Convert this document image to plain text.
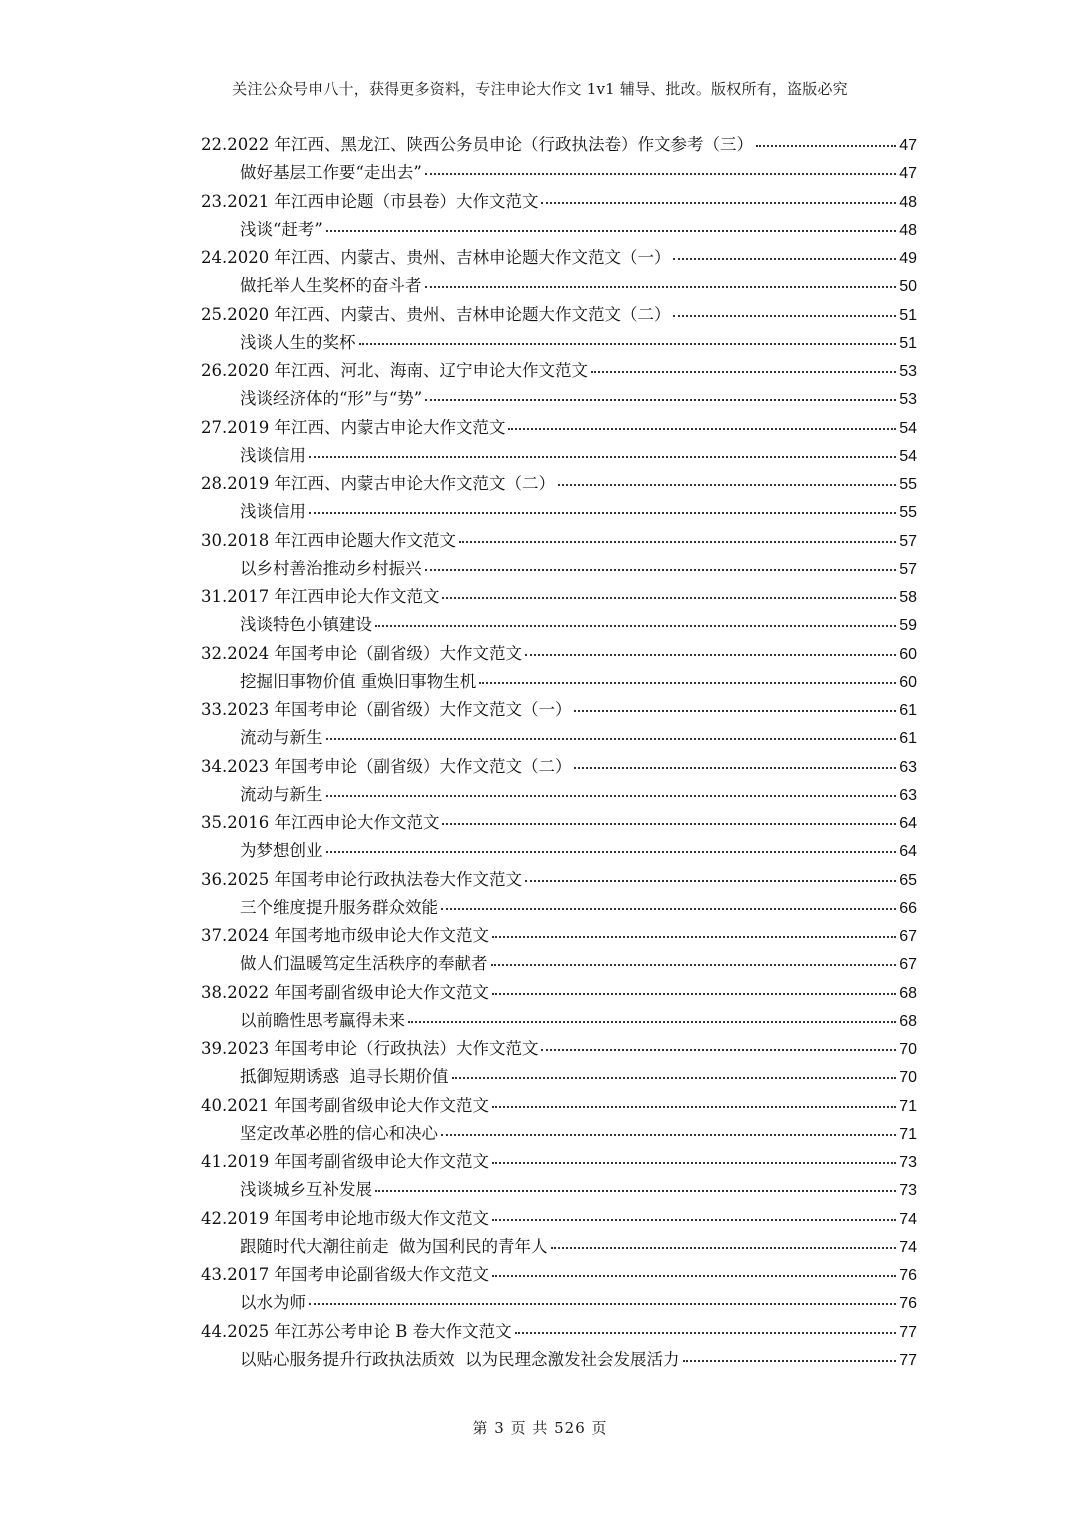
关注公众号申八十，获得更多资料，专注申论大作文 1v1 辅导、批改。版权所有，盗版必究
22.2022 年江西、黑龙江、陕西公务员申论（行政执法卷）作文参考（三）	47
做好基层工作要“走出去”	47
23.2021 年江西申论题（市县卷）大作文范文	48
浅谈“赶考”	48
24.2020 年江西、内蒙古、贵州、吉林申论题大作文范文（一）	49
做托举人生奖杯的奋斗者	50
25.2020 年江西、内蒙古、贵州、吉林申论题大作文范文（二）	51
浅谈人生的奖杯	51
26.2020 年江西、河北、海南、辽宁申论大作文范文	53
浅谈经济体的“形”与“势”	53
27.2019 年江西、内蒙古申论大作文范文	54
浅谈信用	54
28.2019 年江西、内蒙古申论大作文范文（二）	55
浅谈信用	55
30.2018 年江西申论题大作文范文	57
以乡村善治推动乡村振兴	57
31.2017 年江西申论大作文范文	58
浅谈特色小镇建设	59
32.2024 年国考申论（副省级）大作文范文	60
挖掘旧事物价值 重焕旧事物生机	60
33.2023 年国考申论（副省级）大作文范文（一）	61
流动与新生	61
34.2023 年国考申论（副省级）大作文范文（二）	63
流动与新生	63
35.2016 年江西申论大作文范文	64
为梦想创业	64
36.2025 年国考申论行政执法卷大作文范文	65
三个维度提升服务群众效能	66
37.2024 年国考地市级申论大作文范文	67
做人们温暖笃定生活秩序的奉献者	67
38.2022 年国考副省级申论大作文范文	68
以前瞻性思考赢得未来	68
39.2023 年国考申论（行政执法）大作文范文	70
抵御短期诱惑  追寻长期价值	70
40.2021 年国考副省级申论大作文范文	71
坚定改革必胜的信心和决心	71
41.2019 年国考副省级申论大作文范文	73
浅谈城乡互补发展	73
42.2019 年国考申论地市级大作文范文	74
跟随时代大潮往前走  做为国利民的青年人	74
43.2017 年国考申论副省级大作文范文	76
以水为师	76
44.2025 年江苏公考申论 B 卷大作文范文	77
以贴心服务提升行政执法质效  以为民理念激发社会发展活力	77
第 3 页 共 526 页
